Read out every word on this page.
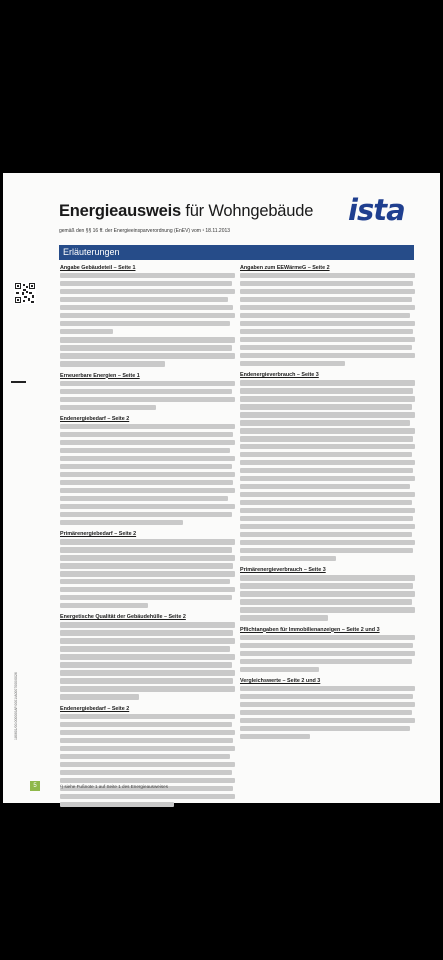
Energieausweis für Wohngebäude
gemäß den §§ 16 ff. der Energieeinsparverordnung (EnEV) vom ¹ 18.11.2013
ista
Erläuterungen
180601/00.000000AP.0001/A0007000/0026
Angabe Gebäudeteil – Seite 1
Erneuerbare Energien – Seite 1
Endenergiebedarf – Seite 2
Primärenergiebedarf – Seite 2
Energetische Qualität der Gebäudehülle – Seite 2
Endenergiebedarf – Seite 2
Angaben zum EEWärmeG – Seite 2
Endenergieverbrauch – Seite 3
Primärenergieverbrauch – Seite 3
Pflichtangaben für Immobilienanzeigen – Seite 2 und 3
Vergleichswerte – Seite 2 und 3
5	¹) siehe Fußnote 1 auf Seite 1 des Energieausweises
